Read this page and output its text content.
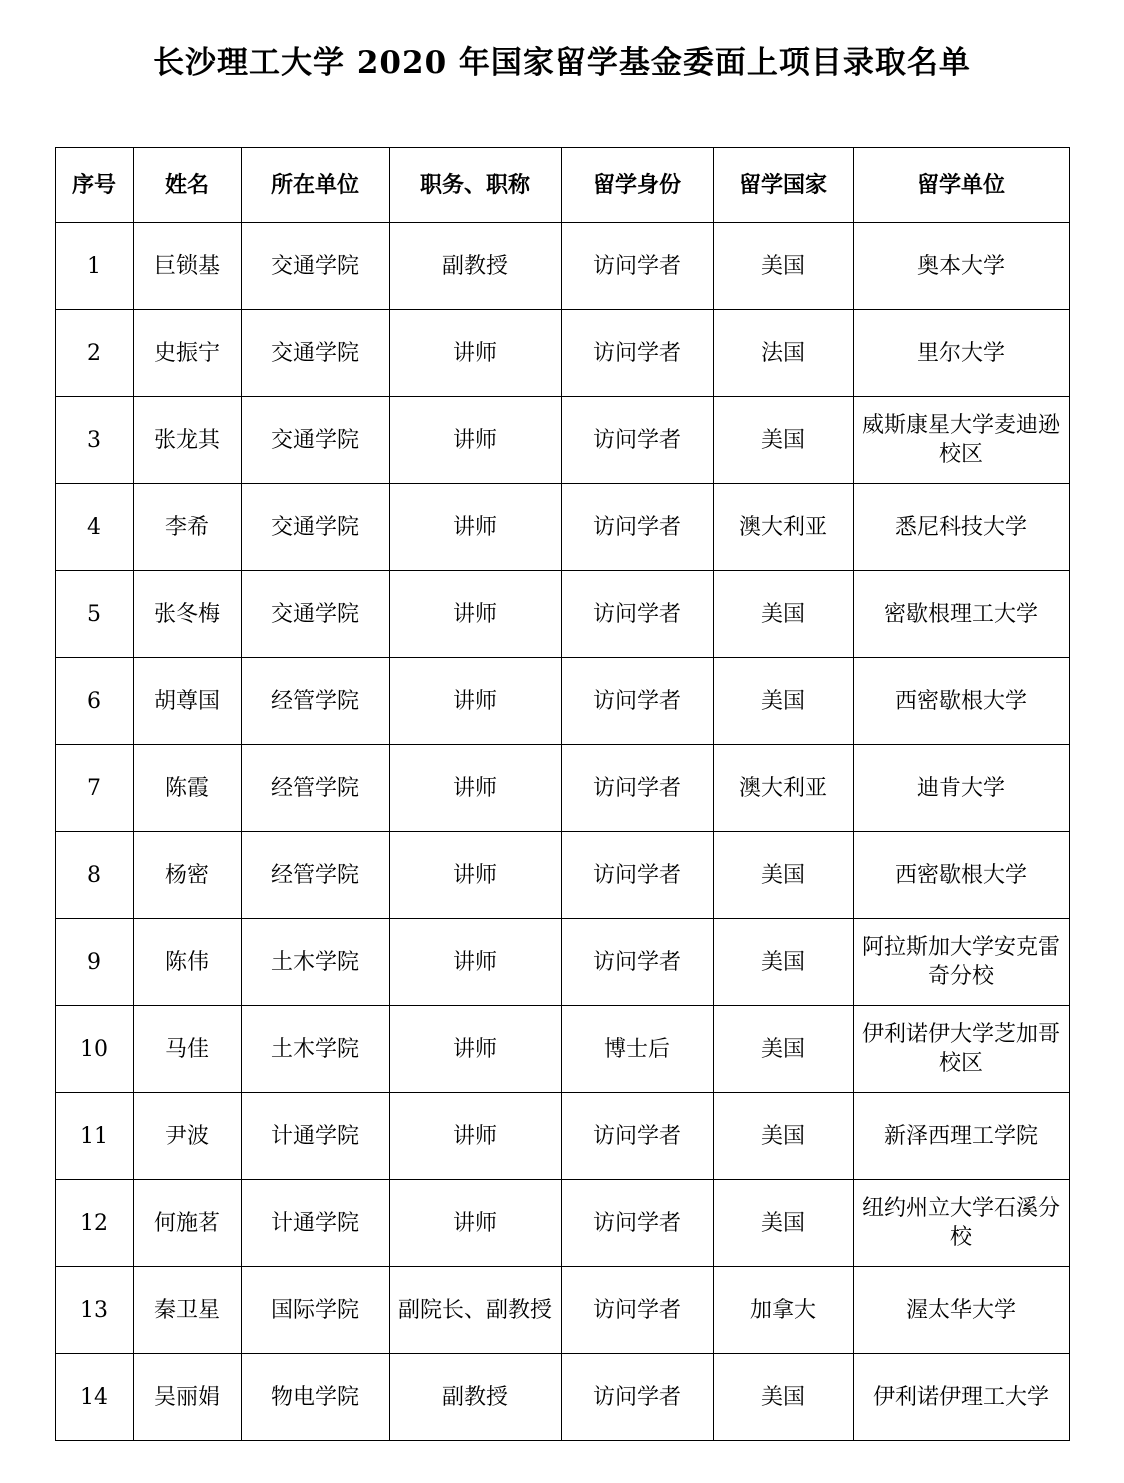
长沙理工大学 2020 年国家留学基金委面上项目录取名单
序号	姓名	所在单位	职务、职称	留学身份	留学国家	留学单位
1	巨锁基	交通学院	副教授	访问学者	美国	奥本大学
2	史振宁	交通学院	讲师	访问学者	法国	里尔大学
3	张龙其	交通学院	讲师	访问学者	美国	威斯康星大学麦迪逊校区
4	李希	交通学院	讲师	访问学者	澳大利亚	悉尼科技大学
5	张冬梅	交通学院	讲师	访问学者	美国	密歇根理工大学
6	胡尊国	经管学院	讲师	访问学者	美国	西密歇根大学
7	陈霞	经管学院	讲师	访问学者	澳大利亚	迪肯大学
8	杨密	经管学院	讲师	访问学者	美国	西密歇根大学
9	陈伟	土木学院	讲师	访问学者	美国	阿拉斯加大学安克雷奇分校
10	马佳	土木学院	讲师	博士后	美国	伊利诺伊大学芝加哥校区
11	尹波	计通学院	讲师	访问学者	美国	新泽西理工学院
12	何施茗	计通学院	讲师	访问学者	美国	纽约州立大学石溪分校
13	秦卫星	国际学院	副院长、副教授	访问学者	加拿大	渥太华大学
14	吴丽娟	物电学院	副教授	访问学者	美国	伊利诺伊理工大学
